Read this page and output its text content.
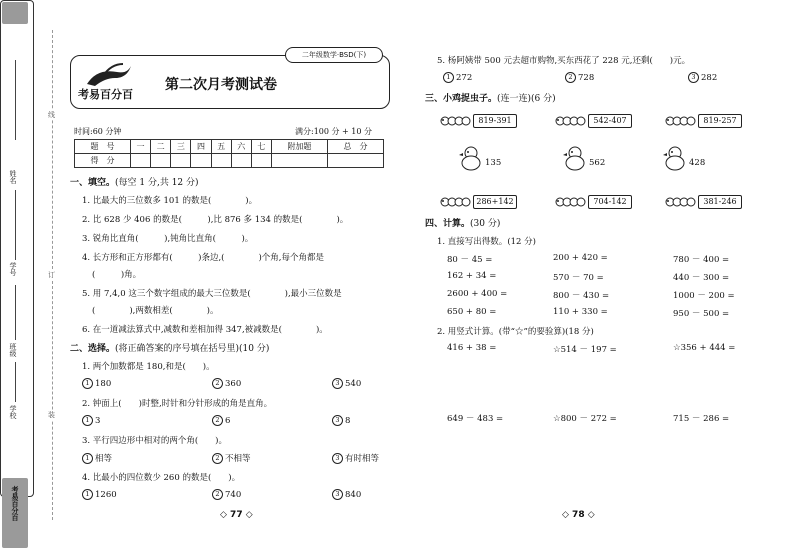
姓名
学号
班级
学校
考易百分百
线
订
装
二年级数学·BSD(下)
考易百分百
第二次月考测试卷
时间:60 分钟	满分:100 分 + 10 分
题　号	一	二	三	四	五	六	七	附加题	总　分
得　分									
一、填空。(每空 1 分,共 12 分)
1. 比最大的三位数多 101 的数是(　　　　)。
2. 比 628 少 406 的数是(　　　),比 876 多 134 的数是(　　　　)。
3. 锐角比直角(　　　),钝角比直角(　　　)。
4. 长方形和正方形都有(　　　)条边,(　　　　)个角,每个角都是
(　　　)角。
5. 用 7,4,0 这三个数字组成的最大三位数是(　　　　),最小三位数是
(　　　　),两数相差(　　　　)。
6. 在一道减法算式中,减数和差相加得 347,被减数是(　　　　)。
二、选择。(将正确答案的序号填在括号里)(10 分)
1. 两个加数都是 180,和是(　　)。
1 180	2 360	3 540
2. 钟面上(　　)时整,时针和分针形成的角是直角。
1 3	2 6	3 8
3. 平行四边形中相对的两个角(　　)。
1 相等	2 不相等	3 有时相等
4. 比最小的四位数少 260 的数是(　　)。
1 1260	2 740	3 840
◇ 77 ◇
5. 杨阿姨带 500 元去超市购物,买东西花了 228 元,还剩(　　)元。
1 272	2 728	3 282
三、小鸡捉虫子。(连一连)(6 分)
819-391	542-407	819-257
135	562	428
286+142	704-142	381-246
四、计算。(30 分)
1. 直接写出得数。(12 分)
80 － 45 =	200 + 420 =	780 － 400 =
162 + 34 =	570 － 70 =	440 － 300 =
2600 + 400 =	800 － 430 =	1000 － 200 =
650 + 80 =	110 + 330 =	950 － 500 =
2. 用竖式计算。(带“☆”的要验算)(18 分)
416 + 38 =	☆514 － 197 =	☆356 + 444 =
649 － 483 =	☆800 － 272 =	715 － 286 =
◇ 78 ◇
